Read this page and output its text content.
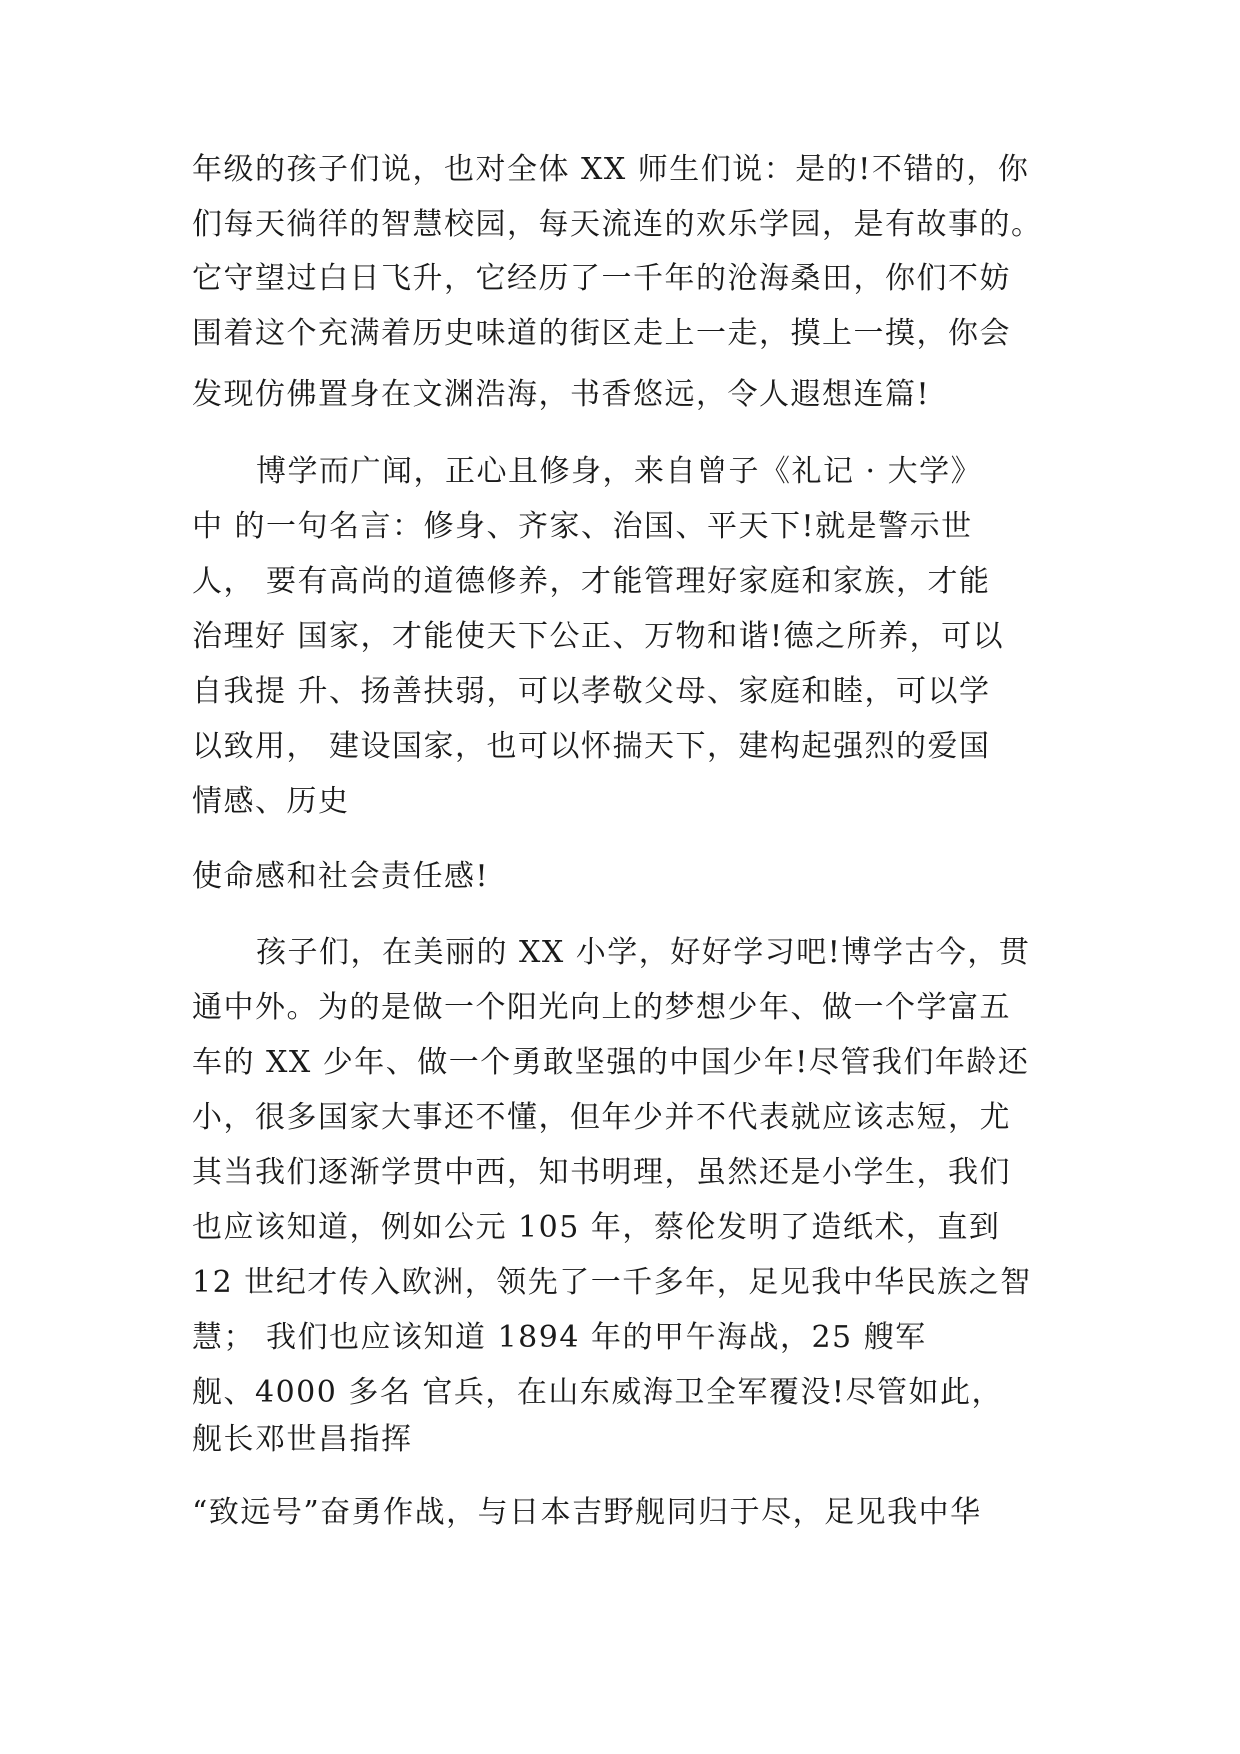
年级的孩子们说，也对全体 XX 师生们说：是的!不错的，你
们每天徜徉的智慧校园，每天流连的欢乐学园，是有故事的。
它守望过白日飞升，它经历了一千年的沧海桑田，你们不妨
围着这个充满着历史味道的街区走上一走，摸上一摸，你会
发现仿佛置身在文渊浩海，书香悠远，令人遐想连篇!
博学而广闻，正心且修身，来自曾子《礼记 · 大学》
中 的一句名言：修身、齐家、治国、平天下!就是警示世
人， 要有高尚的道德修养，才能管理好家庭和家族，才能
治理好 国家，才能使天下公正、万物和谐!德之所养，可以
自我提 升、扬善扶弱，可以孝敬父母、家庭和睦，可以学
以致用， 建设国家，也可以怀揣天下，建构起强烈的爱国
情感、历史
使命感和社会责任感!
孩子们，在美丽的 XX 小学，好好学习吧!博学古今，贯
通中外。为的是做一个阳光向上的梦想少年、做一个学富五
车的 XX 少年、做一个勇敢坚强的中国少年!尽管我们年龄还
小，很多国家大事还不懂，但年少并不代表就应该志短，尤
其当我们逐渐学贯中西，知书明理，虽然还是小学生，我们
也应该知道，例如公元 105 年，蔡伦发明了造纸术，直到
12 世纪才传入欧洲，领先了一千多年，足见我中华民族之智
慧； 我们也应该知道 1894 年的甲午海战，25 艘军
舰、4000 多名 官兵，在山东威海卫全军覆没!尽管如此，
舰长邓世昌指挥
“致远号”奋勇作战，与日本吉野舰同归于尽，足见我中华
